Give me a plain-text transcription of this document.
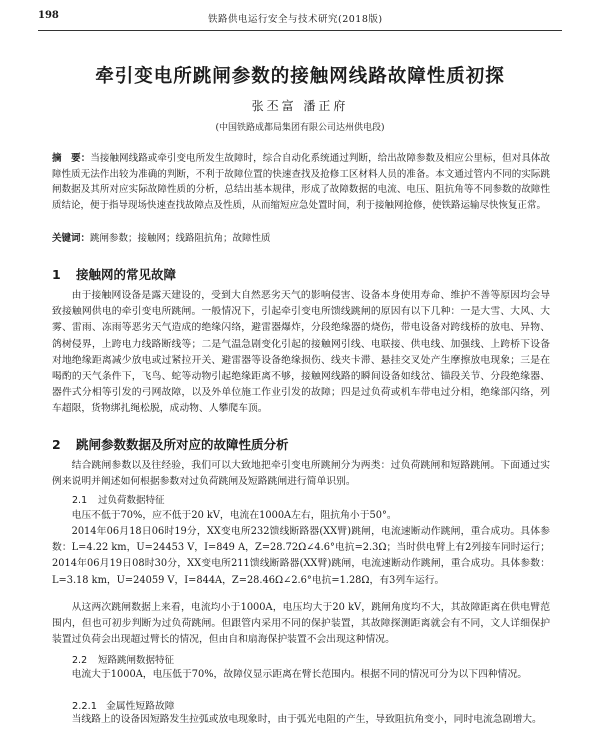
198	铁路供电运行安全与技术研究(2018版)
牵引变电所跳闸参数的接触网线路故障性质初探
张丕富 潘正府
(中国铁路成都局集团有限公司达州供电段)
摘　要：当接触网线路或牵引变电所发生故障时，综合自动化系统通过判断，给出故障参数及相应公里标，但对具体故障性质无法作出较为准确的判断，不利于故障位置的快速查找及抢修工区材料人员的准备。本文通过管内不同的实际跳闸数据及其所对应实际故障性质的分析，总结出基本规律，形成了故障数据的电流、电压、阻抗角等不同参数的故障性质结论，便于指导现场快速查找故障点及性质，从而缩短应急处置时间，利于接触网抢修，使铁路运输尽快恢复正常。
关键词：跳闸参数；接触网；线路阻抗角；故障性质
1 接触网的常见故障
由于接触网设备是露天建设的，受到大自然恶劣天气的影响侵害、设备本身使用寿命、维护不善等原因均会导致接触网供电的牵引变电所跳闸。一般情况下，引起牵引变电所馈线跳闸的原因有以下几种：一是大雪、大风、大雾、雷雨、冻雨等恶劣天气造成的绝缘闪络，避雷器爆炸，分段绝缘器的烧伤，带电设备对跨线桥的放电、异物、鸽树侵界，上跨电力线路断线等；二是气温急剧变化引起的接触网引线、电联接、供电线、加强线、上跨桥下设备对地绝缘距离减少放电或过紧拉开关、避雷器等设备绝缘损伤、线夹卡滞、悬挂交叉处产生摩擦放电现象；三是在喝酌的天气条件下，飞鸟、蛇等动物引起绝缘距离不够，接触网线路的瞬间设备如线岔、锚段关节、分段绝缘器、器件式分相等引发的弓网故障，以及外单位施工作业引发的故障；四是过负荷或机车带电过分相，绝缘部闪络，列车超限，货物绑扎绳松脱，成动物、人攀爬车顶。
2 跳闸参数数据及所对应的故障性质分析
结合跳闸参数以及往经验，我们可以大致地把牵引变电所跳闸分为两类：过负荷跳闸和短路跳闸。下面通过实例来说明并阐述如何根据参数对过负荷跳闸及短路跳闸进行简单识别。
2.1 过负荷数据特征
电压不低于70%，应不低于20 kV，电流在1000A左右，阻抗角小于50°。
2014年06月18日06时19分，XX变电所232馈线断路器(XX臂)跳闸，电流速断动作跳闸，重合成功。具体参数：L=4.22 km，U=24453 V，I=849 A，Z=28.72Ω∠4.6°电抗=2.3Ω；当时供电臂上有2列接车同时运行；2014年06月19日08时30分，XX变电所211馈线断路器(XX臂)跳闸，电流速断动作跳闸，重合成功。具体参数：L=3.18 km，U=24059 V，I=844A，Z=28.46Ω∠2.6°电抗=1.28Ω，有3列车运行。
从这两次跳闸数据上来看，电流均小于1000A，电压均大于20 kV，跳闸角度均不大，其故障距离在供电臂范围内，但也可初步判断为过负荷跳闸。但跟管内采用不同的保护装置，其故障探测距离就会有不同，文人详细保护装置过负荷会出现超过臂长的情况，但由自和扇海保护装置不会出现这种情况。
2.2 短路跳闸数据特征
电流大于1000A，电压低于70%，故障仪显示距离在臂长范围内。根据不同的情况可分为以下四种情况。
2.2.1 金属性短路故障
当线路上的设备因短路发生拉弧或放电现象时，由于弧光电阻的产生，导致阻抗角变小，同时电流急剧增大。
